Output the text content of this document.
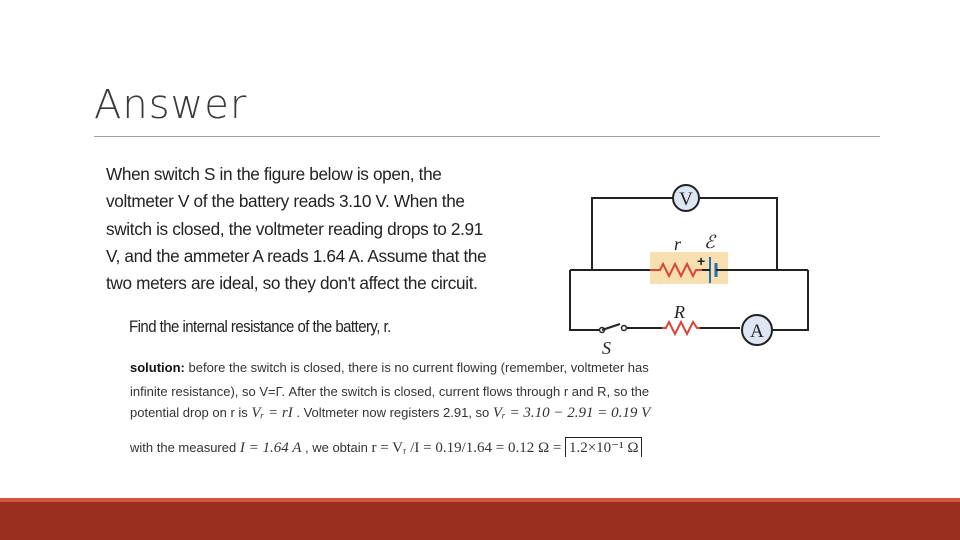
Answer
When switch S in the figure below is open, the
voltmeter V of the battery reads 3.10 V. When the
switch is closed, the voltmeter reading drops to 2.91
V, and the ammeter A reads 1.64 A. Assume that the
two meters are ideal, so they don't affect the circuit.
Find the internal resistance of the battery, r.
+
r ℰ
V
S
R
A
solution: before the switch is closed, there is no current flowing (remember, voltmeter has
infinite resistance), so V=Γ. After the switch is closed, current flows through r and R, so the
potential drop on r is Vᵣ = rI . Voltmeter now registers 2.91, so Vᵣ = 3.10 − 2.91 = 0.19 V
with the measured I = 1.64 A , we obtain r = Vᵣ /I = 0.19/1.64 = 0.12 Ω = 1.2×10⁻¹ Ω
